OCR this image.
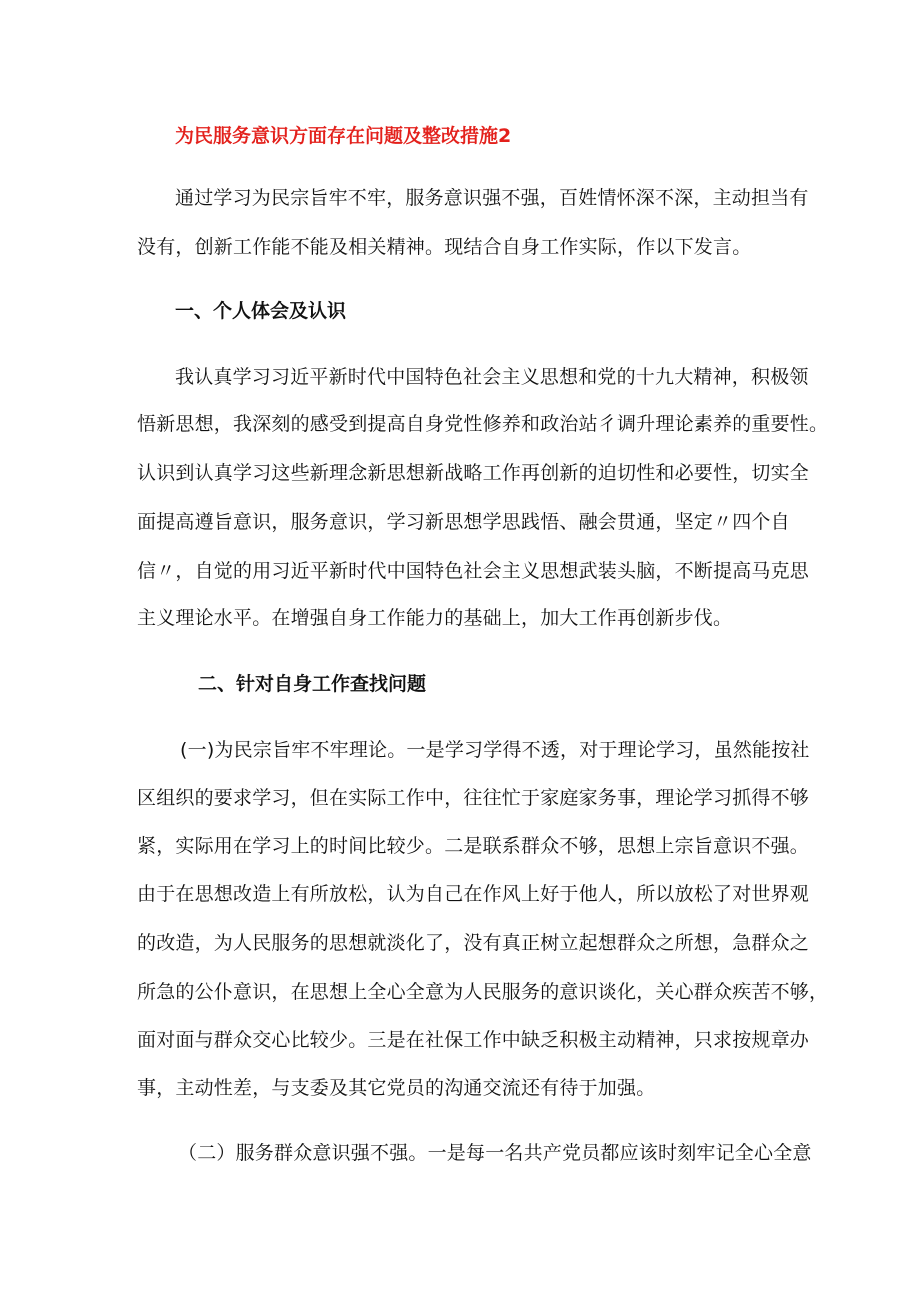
为民服务意识方面存在问题及整改措施2
通过学习为民宗旨牢不牢，服务意识强不强，百姓情怀深不深，主动担当有
没有，创新工作能不能及相关精神。现结合自身工作实际，作以下发言。
一、个人体会及认识
我认真学习习近平新时代中国特色社会主义思想和党的十九大精神，积极领
悟新思想，我深刻的感受到提高自身党性修养和政治站彳调升理论素养的重要性。
认识到认真学习这些新理念新思想新战略工作再创新的迫切性和必要性，切实全
面提高遵旨意识，服务意识，学习新思想学思践悟、融会贯通，坚定〃四个自
信〃，自觉的用习近平新时代中国特色社会主义思想武装头脑，不断提高马克思
主义理论水平。在增强自身工作能力的基础上，加大工作再创新步伐。
二、针对自身工作查找问题
(一)为民宗旨牢不牢理论。一是学习学得不透，对于理论学习，虽然能按社
区组织的要求学习，但在实际工作中，往往忙于家庭家务事，理论学习抓得不够
紧，实际用在学习上的时间比较少。二是联系群众不够，思想上宗旨意识不强。
由于在思想改造上有所放松，认为自己在作风上好于他人，所以放松了对世界观
的改造，为人民服务的思想就淡化了，没有真正树立起想群众之所想，急群众之
所急的公仆意识，在思想上全心全意为人民服务的意识谈化，关心群众疾苦不够，
面对面与群众交心比较少。三是在社保工作中缺乏积极主动精神，只求按规章办
事，主动性差，与支委及其它党员的沟通交流还有待于加强。
（二）服务群众意识强不强。一是每一名共产党员都应该时刻牢记全心全意
